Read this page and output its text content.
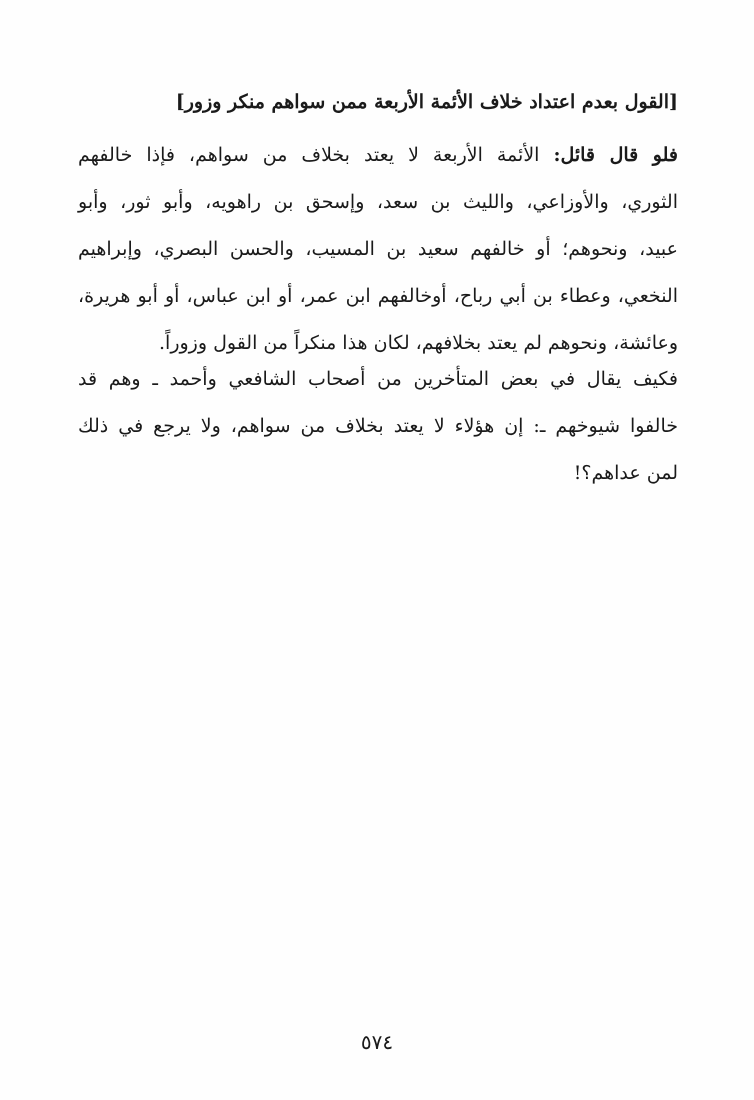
[القول بعدم اعتداد خلاف الأئمة الأربعة ممن سواهم منكر وزور]
فلو قال قائل: الأئمة الأربعة لا يعتد بخلاف من سواهم، فإذا خالفهم
الثوري، والأوزاعي، والليث بن سعد، وإسحق بن راهويه، وأبو ثور، وأبو
عبيد، ونحوهم؛ أو خالفهم سعيد بن المسيب، والحسن البصري، وإبراهيم
النخعي، وعطاء بن أبي رباح، أوخالفهم ابن عمر، أو ابن عباس، أو أبو هريرة،
وعائشة، ونحوهم لم يعتد بخلافهم، لكان هذا منكراً من القول وزوراً.
فكيف يقال في بعض المتأخرين من أصحاب الشافعي وأحمد ـ وهم قد
خالفوا شيوخهم ـ: إن هؤلاء لا يعتد بخلاف من سواهم، ولا يرجع في ذلك
لمن عداهم؟!
٥٧٤
